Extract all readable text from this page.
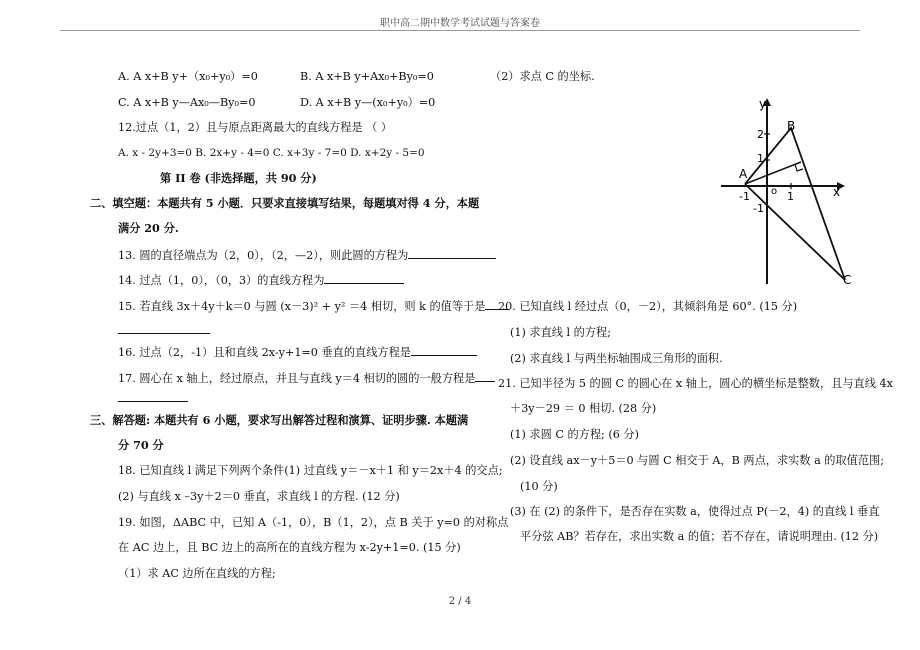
职中高二期中数学考试试题与答案卷
A. A x+B y+（x₀+y₀）=0	B. A x+B y+Ax₀+By₀=0
C. A x+B y—Ax₀—By₀=0	D. A x+B y—(x₀+y₀）=0
12.过点（1，2）且与原点距离最大的直线方程是 （ ）
A. x - 2y+3=0 B. 2x+y - 4=0 C. x+3y - 7=0 D. x+2y - 5=0
第 II 卷 (非选择题，共 90 分)
二、填空题：本题共有 5 小题．只要求直接填写结果，每题填对得 4 分，本题
满分 20 分.
13. 圆的直径端点为（2，0），（2，—2），则此圆的方程为
14. 过点（1，0），（0，3）的直线方程为
15. 若直线 3x＋4y＋k＝0 与圆 (x－3)² + y² ＝4 相切，则 k 的值等于是
16. 过点（2，-1）且和直线 2x-y+1=0 垂直的直线方程是
17. 圆心在 x 轴上，经过原点，并且与直线 y＝4 相切的圆的一般方程是
三、解答题: 本题共有 6 小题，要求写出解答过程和演算、证明步骤. 本题满
分 70 分
18. 已知直线 l 满足下列两个条件(1) 过直线 y＝－x＋1 和 y＝2x＋4 的交点;
(2) 与直线 x –3y＋2＝0 垂直，求直线 l 的方程. (12 分)
19. 如图，ΔABC 中，已知 A（-1，0），B（1，2），点 B 关于 y=0 的对称点
在 AC 边上，且 BC 边上的高所在的直线方程为 x-2y+1=0. (15 分)
（1）求 AC 边所在直线的方程;
（2）求点 C 的坐标.
20. 已知直线 l 经过点（0，－2），其倾斜角是 60°. (15 分)
(1) 求直线 l 的方程;
(2) 求直线 l 与两坐标轴围成三角形的面积.
21. 已知半径为 5 的圆 C 的圆心在 x 轴上，圆心的横坐标是整数，且与直线 4x
＋3y－29 ＝ 0 相切. (28 分)
(1) 求圆 C 的方程; (6 分)
(2) 设直线 ax－y＋5＝0 与圆 C 相交于 A，B 两点，求实数 a 的取值范围;
(10 分)
(3) 在 (2) 的条件下，是否存在实数 a，使得过点 P(－2，4) 的直线 l 垂直
平分弦 AB？若存在，求出实数 a 的值；若不存在，请说明理由. (12 分)
y
x
B
A
C
o
2
1
-1
-1	1
2 / 4
